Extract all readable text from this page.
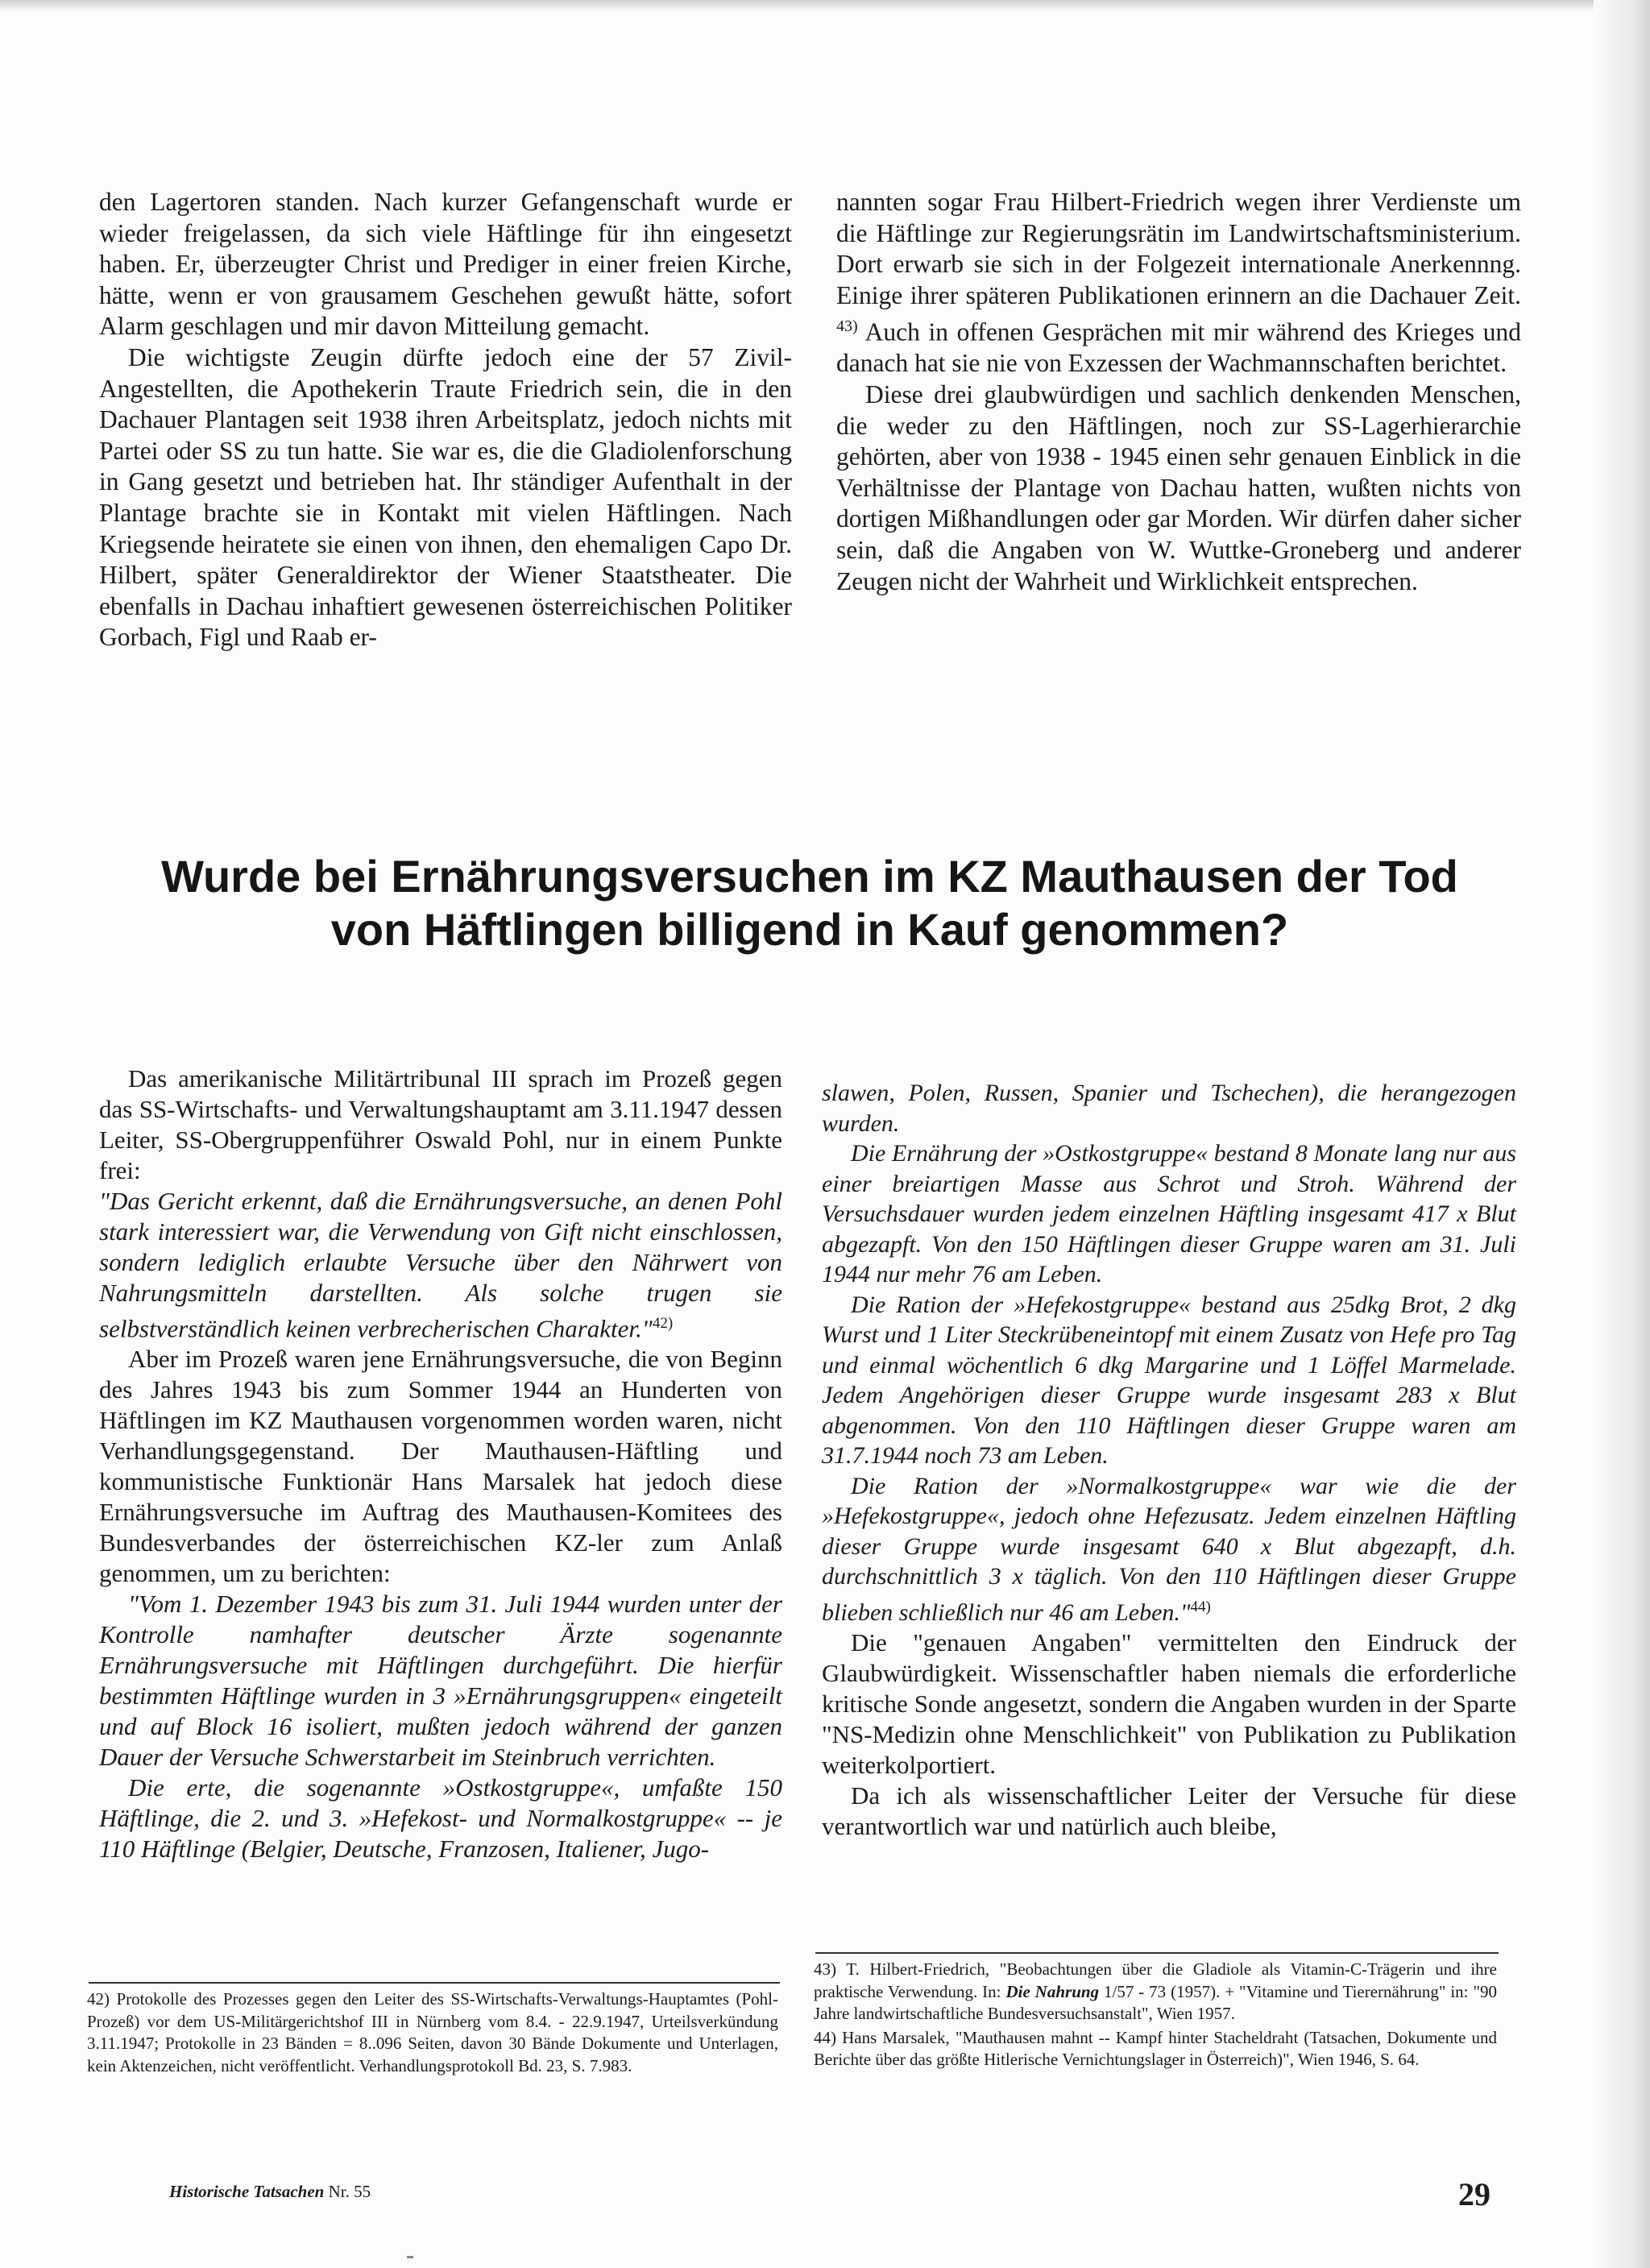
den Lagertoren standen. Nach kurzer Gefangenschaft wurde er wieder freigelassen, da sich viele Häftlinge für ihn eingesetzt haben. Er, überzeugter Christ und Prediger in einer freien Kirche, hätte, wenn er von grausamem Geschehen gewußt hätte, sofort Alarm geschlagen und mir davon Mitteilung gemacht.

Die wichtigste Zeugin dürfte jedoch eine der 57 Zivil-Angestellten, die Apothekerin Traute Friedrich sein, die in den Dachauer Plantagen seit 1938 ihren Arbeitsplatz, jedoch nichts mit Partei oder SS zu tun hatte. Sie war es, die die Gladiolenforschung in Gang gesetzt und betrieben hat. Ihr ständiger Aufenthalt in der Plantage brachte sie in Kontakt mit vielen Häftlingen. Nach Kriegsende heiratete sie einen von ihnen, den ehemaligen Capo Dr. Hilbert, später Generaldirektor der Wiener Staatstheater. Die ebenfalls in Dachau inhaftiert gewesenen österreichischen Politiker Gorbach, Figl und Raab er-

nannten sogar Frau Hilbert-Friedrich wegen ihrer Verdienste um die Häftlinge zur Regierungsrätin im Landwirtschaftsministerium. Dort erwarb sie sich in der Folgezeit internationale Anerkennng. Einige ihrer späteren Publikationen erinnern an die Dachauer Zeit. $^{43)}$ Auch in offenen Gesprächen mit mir während des Krieges und danach hat sie nie von Exzessen der Wachmannschaften berichtet.

Diese drei glaubwürdigen und sachlich denkenden Menschen, die weder zu den Häftlingen, noch zur SS-Lagerhierarchie gehörten, aber von 1938 - 1945 einen sehr genauen Einblick in die Verhältnisse der Plantage von Dachau hatten, wußten nichts von dortigen Mißhandlungen oder gar Morden. Wir dürfen daher sicher sein, daß die Angaben von W. Wuttke-Groneberg und anderer Zeugen nicht der Wahrheit und Wirklichkeit entsprechen.

Wurde bei Ernährungsversuchen im KZ Mauthausen der Tod
von Häftlingen billigend in Kauf genommen?

Das amerikanische Militärtribunal III sprach im Prozeß gegen das SS-Wirtschafts- und Verwaltungshauptamt am 3.11.1947 dessen Leiter, SS-Obergruppenführer Oswald Pohl, nur in einem Punkte frei:

"Das Gericht erkennt, daß die Ernährungsversuche, an denen Pohl stark interessiert war, die Verwendung von Gift nicht einschlossen, sondern lediglich erlaubte Versuche über den Nährwert von Nahrungsmitteln darstellten. Als solche trugen sie selbstverständlich keinen verbrecherischen Charakter."$^{42)}$

Aber im Prozeß waren jene Ernährungsversuche, die von Beginn des Jahres 1943 bis zum Sommer 1944 an Hunderten von Häftlingen im KZ Mauthausen vorgenommen worden waren, nicht Verhandlungsgegenstand. Der Mauthausen-Häftling und kommunistische Funktionär Hans Marsalek hat jedoch diese Ernährungsversuche im Auftrag des Mauthausen-Komitees des Bundesverbandes der österreichischen KZ-ler zum Anlaß genommen, um zu berichten:

"Vom 1. Dezember 1943 bis zum 31. Juli 1944 wurden unter der Kontrolle namhafter deutscher Ärzte sogenannte Ernährungsversuche mit Häftlingen durchgeführt. Die hierfür bestimmten Häftlinge wurden in 3 »Ernährungsgruppen« eingeteilt und auf Block 16 isoliert, mußten jedoch während der ganzen Dauer der Versuche Schwerstarbeit im Steinbruch verrichten.

Die erte, die sogenannte »Ostkostgruppe«, umfaßte 150 Häftlinge, die 2. und 3. »Hefekost- und Normalkostgruppe« -- je 110 Häftlinge (Belgier, Deutsche, Franzosen, Italiener, Jugo-

slawen, Polen, Russen, Spanier und Tschechen), die herangezogen wurden.

Die Ernährung der »Ostkostgruppe« bestand 8 Monate lang nur aus einer breiartigen Masse aus Schrot und Stroh. Während der Versuchsdauer wurden jedem einzelnen Häftling insgesamt 417 x Blut abgezapft. Von den 150 Häftlingen dieser Gruppe waren am 31. Juli 1944 nur mehr 76 am Leben.

Die Ration der »Hefekostgruppe« bestand aus 25dkg Brot, 2 dkg Wurst und 1 Liter Steckrübeneintopf mit einem Zusatz von Hefe pro Tag und einmal wöchentlich 6 dkg Margarine und 1 Löffel Marmelade. Jedem Angehörigen dieser Gruppe wurde insgesamt 283 x Blut abgenommen. Von den 110 Häftlingen dieser Gruppe waren am 31.7.1944 noch 73 am Leben.

Die Ration der »Normalkostgruppe« war wie die der »Hefekostgruppe«, jedoch ohne Hefezusatz. Jedem einzelnen Häftling dieser Gruppe wurde insgesamt 640 x Blut abgezapft, d.h. durchschnittlich 3 x täglich. Von den 110 Häftlingen dieser Gruppe blieben schließlich nur 46 am Leben."$^{44)}$

Die "genauen Angaben" vermittelten den Eindruck der Glaubwürdigkeit. Wissenschaftler haben niemals die erforderliche kritische Sonde angesetzt, sondern die Angaben wurden in der Sparte "NS-Medizin ohne Menschlichkeit" von Publikation zu Publikation weiterkolportiert.

Da ich als wissenschaftlicher Leiter der Versuche für diese verantwortlich war und natürlich auch bleibe,

42) Protokolle des Prozesses gegen den Leiter des SS-Wirtschafts-Verwaltungs-Hauptamtes (Pohl-Prozeß) vor dem US-Militärgerichtshof III in Nürnberg vom 8.4. - 22.9.1947, Urteilsverkündung 3.11.1947; Protokolle in 23 Bänden = 8..096 Seiten, davon 30 Bände Dokumente und Unterlagen, kein Aktenzeichen, nicht veröffentlicht. Verhandlungsprotokoll Bd. 23, S. 7.983.

43) T. Hilbert-Friedrich, "Beobachtungen über die Gladiole als Vitamin-C-Trägerin und ihre praktische Verwendung. In: Die Nahrung 1/57 - 73 (1957). + "Vitamine und Tierernährung" in: "90 Jahre landwirtschaftliche Bundesversuchsanstalt", Wien 1957.

44) Hans Marsalek, "Mauthausen mahnt -- Kampf hinter Stacheldraht (Tatsachen, Dokumente und Berichte über das größte Hitlerische Vernichtungslager in Österreich)", Wien 1946, S. 64.

Historische Tatsachen Nr. 55	29
